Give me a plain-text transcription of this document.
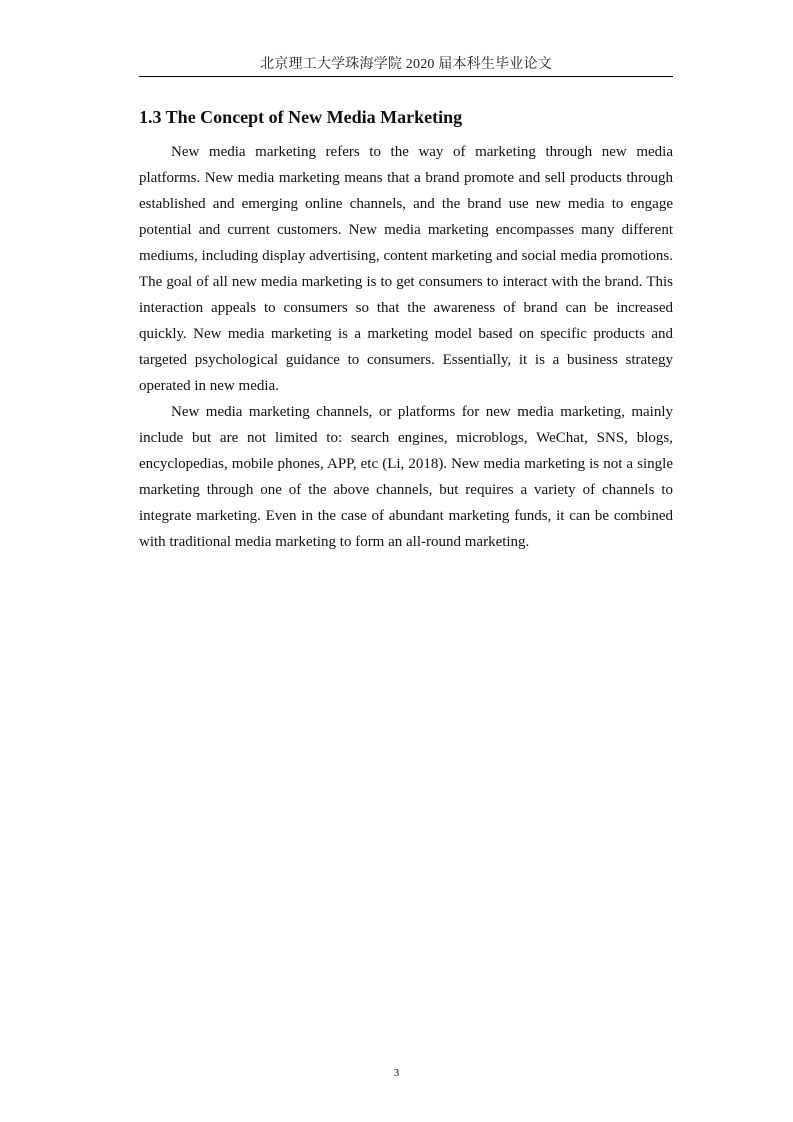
北京理工大学珠海学院 2020 届本科生毕业论文
1.3 The Concept of New Media Marketing

New media marketing refers to the way of marketing through new media platforms. New media marketing means that a brand promote and sell products through established and emerging online channels, and the brand use new media to engage potential and current customers. New media marketing encompasses many different mediums, including display advertising, content marketing and social media promotions. The goal of all new media marketing is to get consumers to interact with the brand. This interaction appeals to consumers so that the awareness of brand can be increased quickly. New media marketing is a marketing model based on specific products and targeted psychological guidance to consumers. Essentially, it is a business strategy operated in new media.

New media marketing channels, or platforms for new media marketing, mainly include but are not limited to: search engines, microblogs, WeChat, SNS, blogs, encyclopedias, mobile phones, APP, etc (Li, 2018). New media marketing is not a single marketing through one of the above channels, but requires a variety of channels to integrate marketing. Even in the case of abundant marketing funds, it can be combined with traditional media marketing to form an all-round marketing.

3
